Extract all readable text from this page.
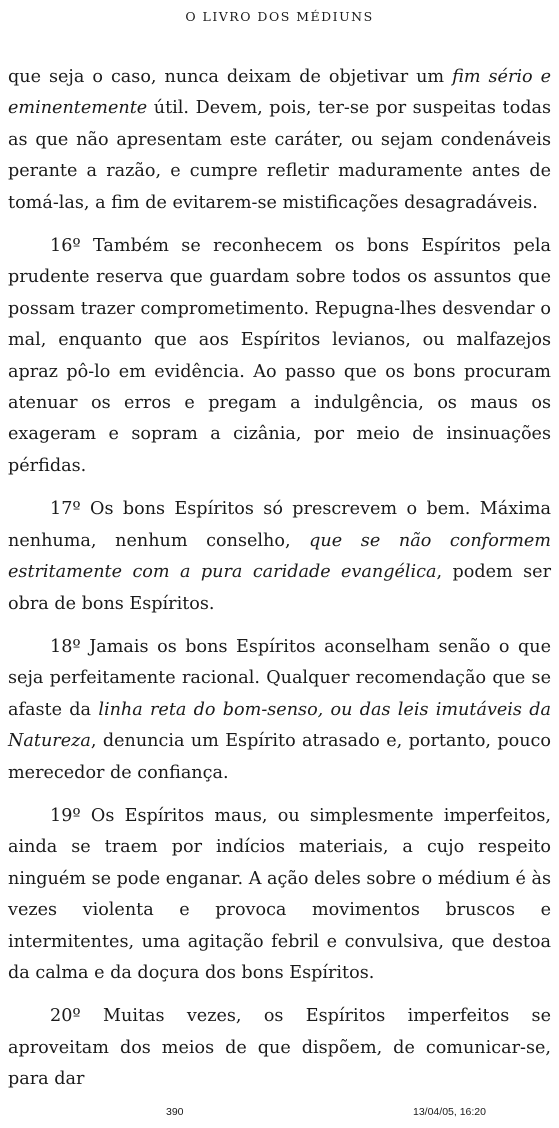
O LIVRO DOS MÉDIUNS

que seja o caso, nunca deixam de objetivar um fim sério e eminentemente útil. Devem, pois, ter-se por suspeitas todas as que não apresentam este caráter, ou sejam condenáveis perante a razão, e cumpre refletir maduramente antes de tomá-las, a fim de evitarem-se mistificações desagradáveis.

16º Também se reconhecem os bons Espíritos pela prudente reserva que guardam sobre todos os assuntos que possam trazer comprometimento. Repugna-lhes desvendar o mal, enquanto que aos Espíritos levianos, ou malfazejos apraz pô-lo em evidência. Ao passo que os bons procuram atenuar os erros e pregam a indulgência, os maus os exageram e sopram a cizânia, por meio de insinuações pérfidas.

17º Os bons Espíritos só prescrevem o bem. Máxima nenhuma, nenhum conselho, que se não conformem estritamente com a pura caridade evangélica, podem ser obra de bons Espíritos.

18º Jamais os bons Espíritos aconselham senão o que seja perfeitamente racional. Qualquer recomendação que se afaste da linha reta do bom-senso, ou das leis imutáveis da Natureza, denuncia um Espírito atrasado e, portanto, pouco merecedor de confiança.

19º Os Espíritos maus, ou simplesmente imperfeitos, ainda se traem por indícios materiais, a cujo respeito ninguém se pode enganar. A ação deles sobre o médium é às vezes violenta e provoca movimentos bruscos e intermitentes, uma agitação febril e convulsiva, que destoa da calma e da doçura dos bons Espíritos.

20º Muitas vezes, os Espíritos imperfeitos se aproveitam dos meios de que dispõem, de comunicar-se, para dar

390	13/04/05, 16:20
